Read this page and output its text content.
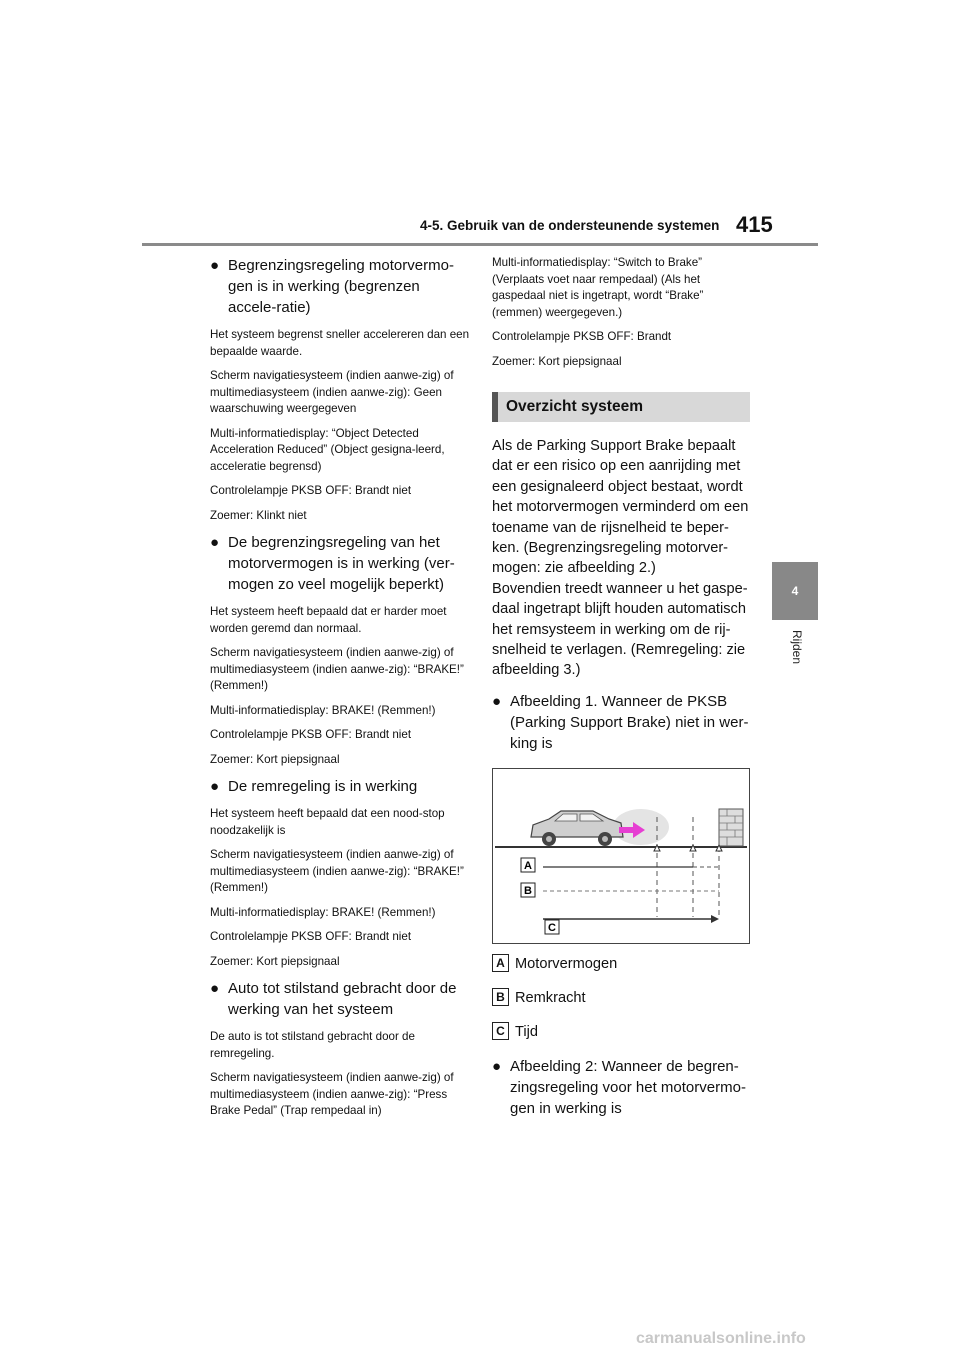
4-5. Gebruik van de ondersteunende systemen 415
4
Rijden
● Begrenzingsregeling motorvermo-gen is in werking (begrenzen accele-ratie)

Het systeem begrenst sneller accelereren dan een bepaalde waarde.

Scherm navigatiesysteem (indien aanwe-zig) of multimediasysteem (indien aanwe-zig): Geen waarschuwing weergegeven

Multi-informatiedisplay: “Object Detected Acceleration Reduced” (Object gesigna-leerd, acceleratie begrensd)

Controlelampje PKSB OFF: Brandt niet

Zoemer: Klinkt niet

● De begrenzingsregeling van het motorvermogen is in werking (ver-mogen zo veel mogelijk beperkt)

Het systeem heeft bepaald dat er harder moet worden geremd dan normaal.

Scherm navigatiesysteem (indien aanwe-zig) of multimediasysteem (indien aanwe-zig): “BRAKE!” (Remmen!)

Multi-informatiedisplay: BRAKE! (Remmen!)

Controlelampje PKSB OFF: Brandt niet

Zoemer: Kort piepsignaal

● De remregeling is in werking

Het systeem heeft bepaald dat een nood-stop noodzakelijk is

Scherm navigatiesysteem (indien aanwe-zig) of multimediasysteem (indien aanwe-zig): “BRAKE!” (Remmen!)

Multi-informatiedisplay: BRAKE! (Remmen!)

Controlelampje PKSB OFF: Brandt niet

Zoemer: Kort piepsignaal

● Auto tot stilstand gebracht door de werking van het systeem

De auto is tot stilstand gebracht door de remregeling.

Scherm navigatiesysteem (indien aanwe-zig) of multimediasysteem (indien aanwe-zig): “Press Brake Pedal” (Trap rempedaal in)

Multi-informatiedisplay: “Switch to Brake” (Verplaats voet naar rempedaal) (Als het gaspedaal niet is ingetrapt, wordt “Brake” (remmen) weergegeven.)

Controlelampje PKSB OFF: Brandt

Zoemer: Kort piepsignaal

Overzicht systeem

Als de Parking Support Brake bepaalt dat er een risico op een aanrijding met een gesignaleerd object bestaat, wordt het motorvermogen verminderd om een toename van de rijsnelheid te beper-ken. (Begrenzingsregeling motorver-mogen: zie afbeelding 2.)

Bovendien treedt wanneer u het gaspe-daal ingetrapt blijft houden automatisch het remsysteem in werking om de rij-snelheid te verlagen. (Remregeling: zie afbeelding 3.)

● Afbeelding 1. Wanneer de PKSB (Parking Support Brake) niet in wer-king is
A
B
C
A Motorvermogen
B Remkracht
C Tijd
● Afbeelding 2: Wanneer de begren-zingsregeling voor het motorvermo-gen in werking is
carmanualsonline.info
